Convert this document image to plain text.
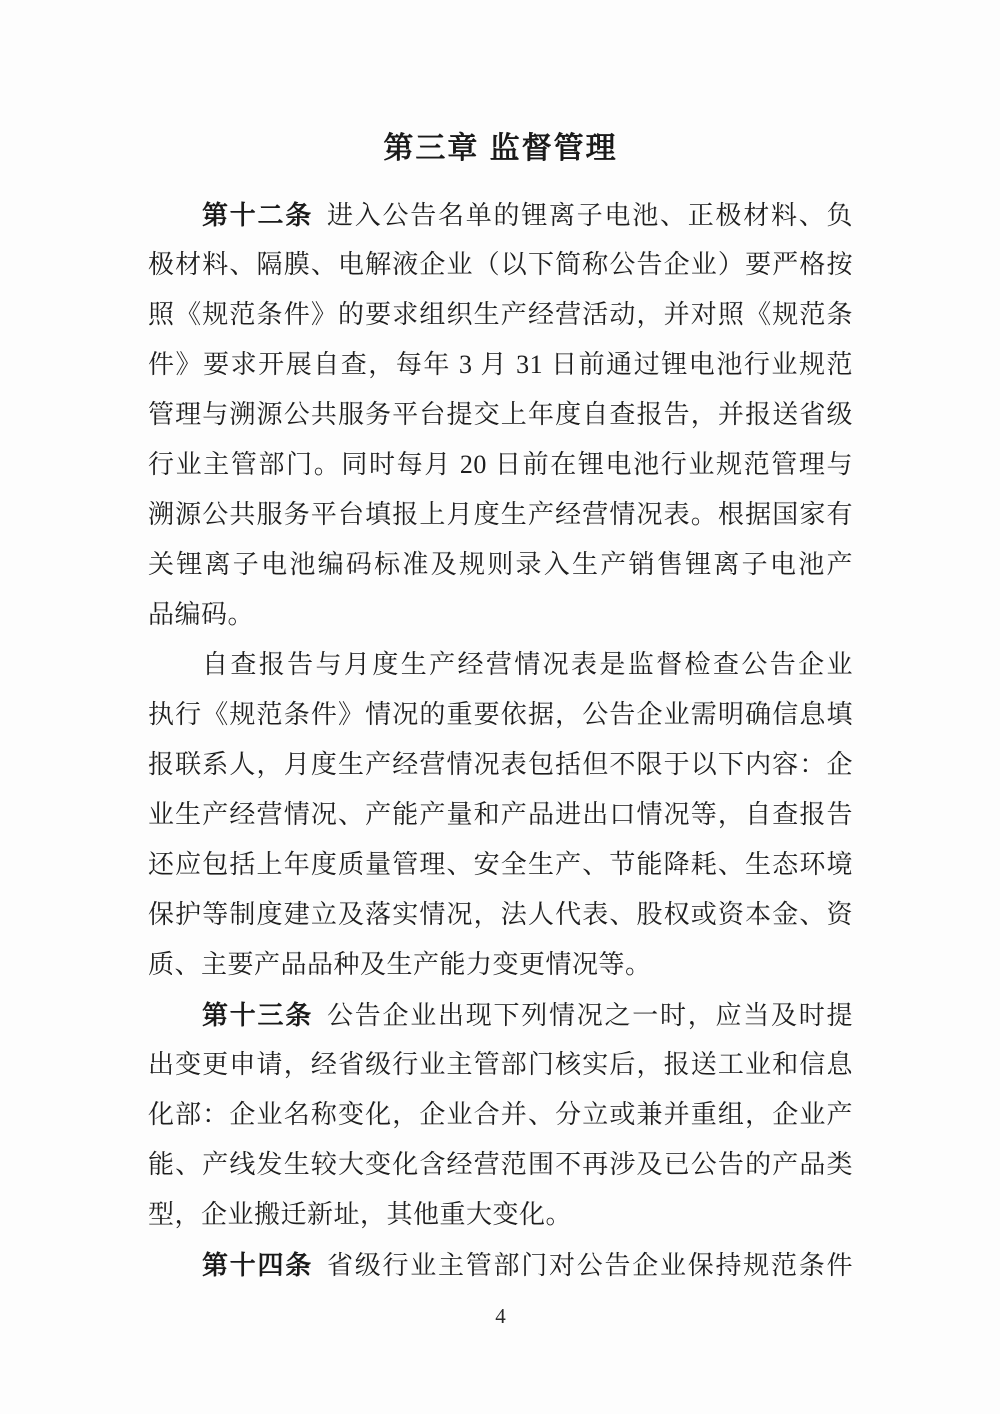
第三章 监督管理
第十二条 进入公告名单的锂离子电池、正极材料、负
极材料、隔膜、电解液企业（以下简称公告企业）要严格按
照《规范条件》的要求组织生产经营活动，并对照《规范条
件》要求开展自查，每年 3 月 31 日前通过锂电池行业规范
管理与溯源公共服务平台提交上年度自查报告，并报送省级
行业主管部门。同时每月 20 日前在锂电池行业规范管理与
溯源公共服务平台填报上月度生产经营情况表。根据国家有
关锂离子电池编码标准及规则录入生产销售锂离子电池产
品编码。
自查报告与月度生产经营情况表是监督检查公告企业
执行《规范条件》情况的重要依据，公告企业需明确信息填
报联系人，月度生产经营情况表包括但不限于以下内容：企
业生产经营情况、产能产量和产品进出口情况等，自查报告
还应包括上年度质量管理、安全生产、节能降耗、生态环境
保护等制度建立及落实情况，法人代表、股权或资本金、资
质、主要产品品种及生产能力变更情况等。
第十三条 公告企业出现下列情况之一时，应当及时提
出变更申请，经省级行业主管部门核实后，报送工业和信息
化部：企业名称变化，企业合并、分立或兼并重组，企业产
能、产线发生较大变化含经营范围不再涉及已公告的产品类
型，企业搬迁新址，其他重大变化。
第十四条 省级行业主管部门对公告企业保持规范条件
4
